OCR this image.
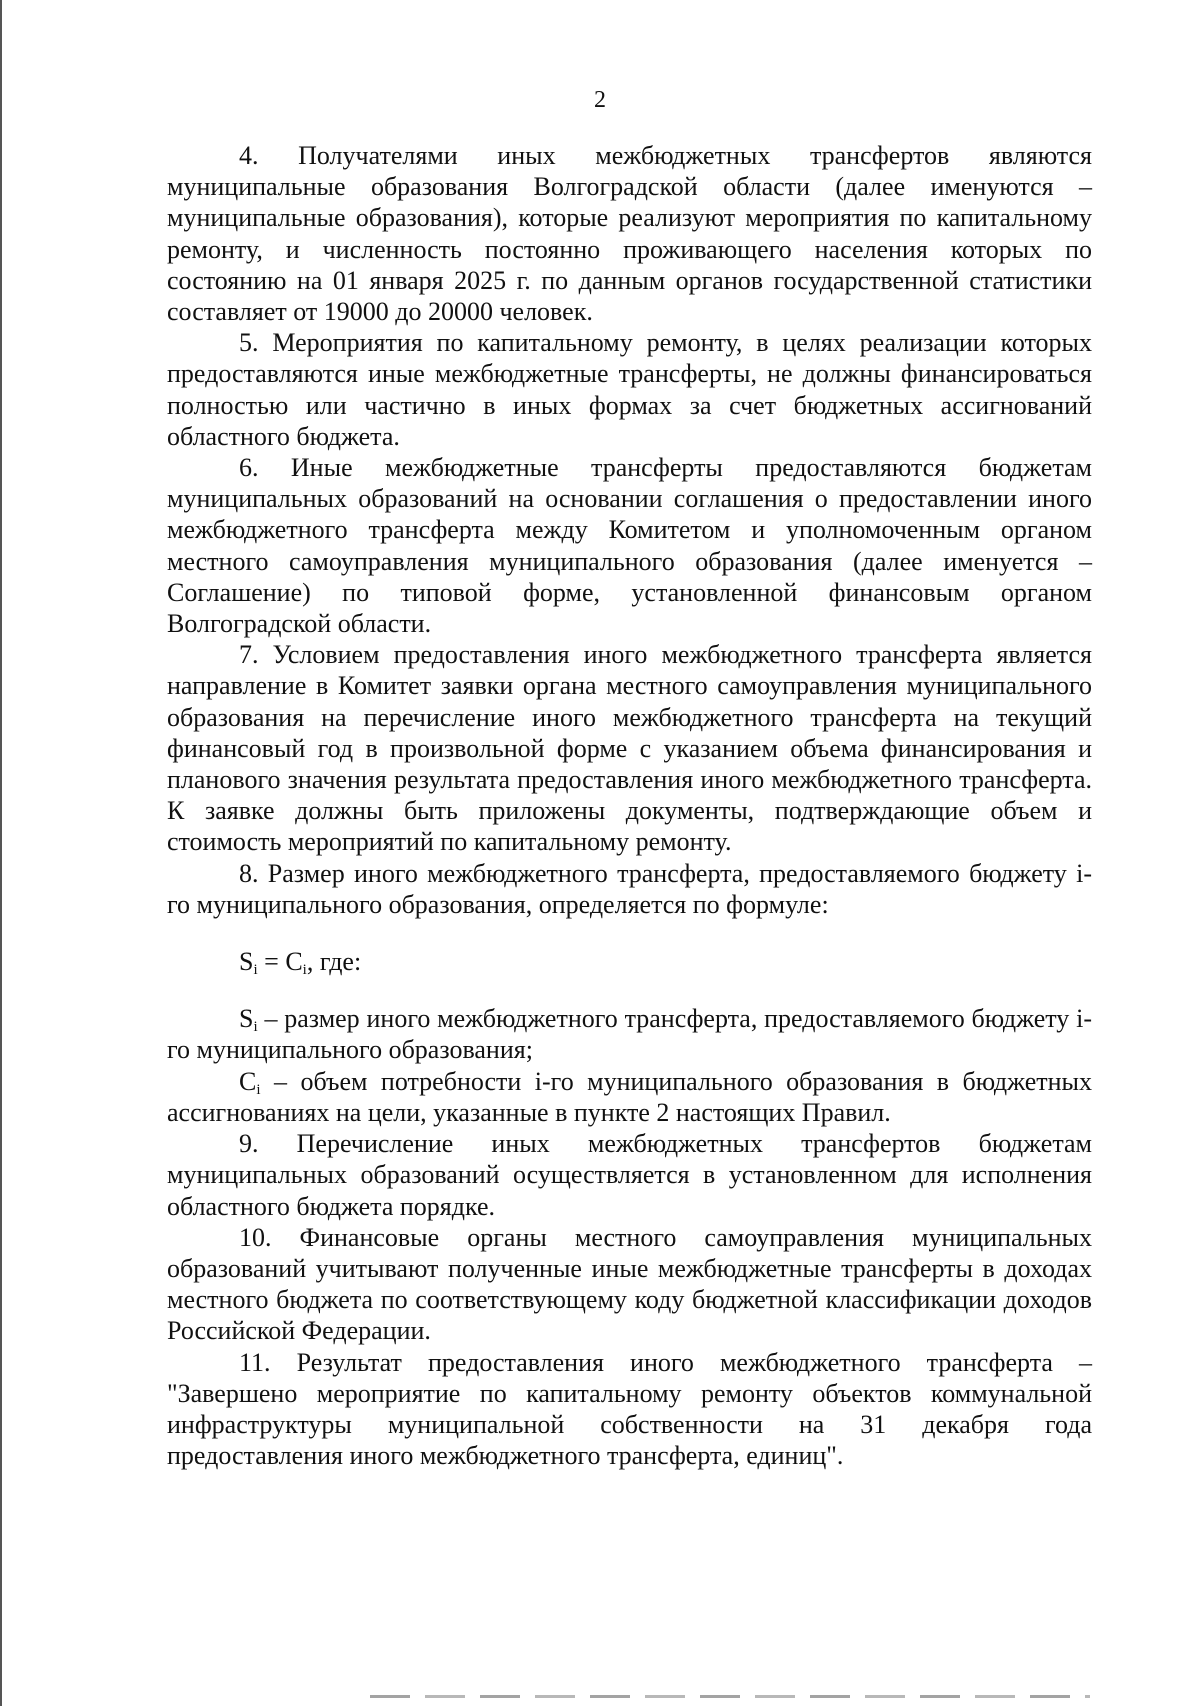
2

4. Получателями иных межбюджетных трансфертов являются муниципальные образования Волгоградской области (далее именуются – муниципальные образования), которые реализуют мероприятия по капитальному ремонту, и численность постоянно проживающего населения которых по состоянию на 01 января 2025 г. по данным органов государственной статистики составляет от 19000 до 20000 человек.

5. Мероприятия по капитальному ремонту, в целях реализации которых предоставляются иные межбюджетные трансферты, не должны финансироваться полностью или частично в иных формах за счет бюджетных ассигнований областного бюджета.

6. Иные межбюджетные трансферты предоставляются бюджетам муниципальных образований на основании соглашения о предоставлении иного межбюджетного трансферта между Комитетом и уполномоченным органом местного самоуправления муниципального образования (далее именуется – Соглашение) по типовой форме, установленной финансовым органом Волгоградской области.

7. Условием предоставления иного межбюджетного трансферта является направление в Комитет заявки органа местного самоуправления муниципального образования на перечисление иного межбюджетного трансферта на текущий финансовый год в произвольной форме с указанием объема финансирования и планового значения результата предоставления иного межбюджетного трансферта. К заявке должны быть приложены документы, подтверждающие объем и стоимость мероприятий по капитальному ремонту.

8. Размер иного межбюджетного трансферта, предоставляемого бюджету i-го муниципального образования, определяется по формуле:

$S_i = C_i$, где:

$S_i$ – размер иного межбюджетного трансферта, предоставляемого бюджету i-го муниципального образования;

$C_i$ – объем потребности i-го муниципального образования в бюджетных ассигнованиях на цели, указанные в пункте 2 настоящих Правил.

9. Перечисление иных межбюджетных трансфертов бюджетам муниципальных образований осуществляется в установленном для исполнения областного бюджета порядке.

10. Финансовые органы местного самоуправления муниципальных образований учитывают полученные иные межбюджетные трансферты в доходах местного бюджета по соответствующему коду бюджетной классификации доходов Российской Федерации.

11. Результат предоставления иного межбюджетного трансферта – "Завершено мероприятие по капитальному ремонту объектов коммунальной инфраструктуры муниципальной собственности на 31 декабря года предоставления иного межбюджетного трансферта, единиц".
